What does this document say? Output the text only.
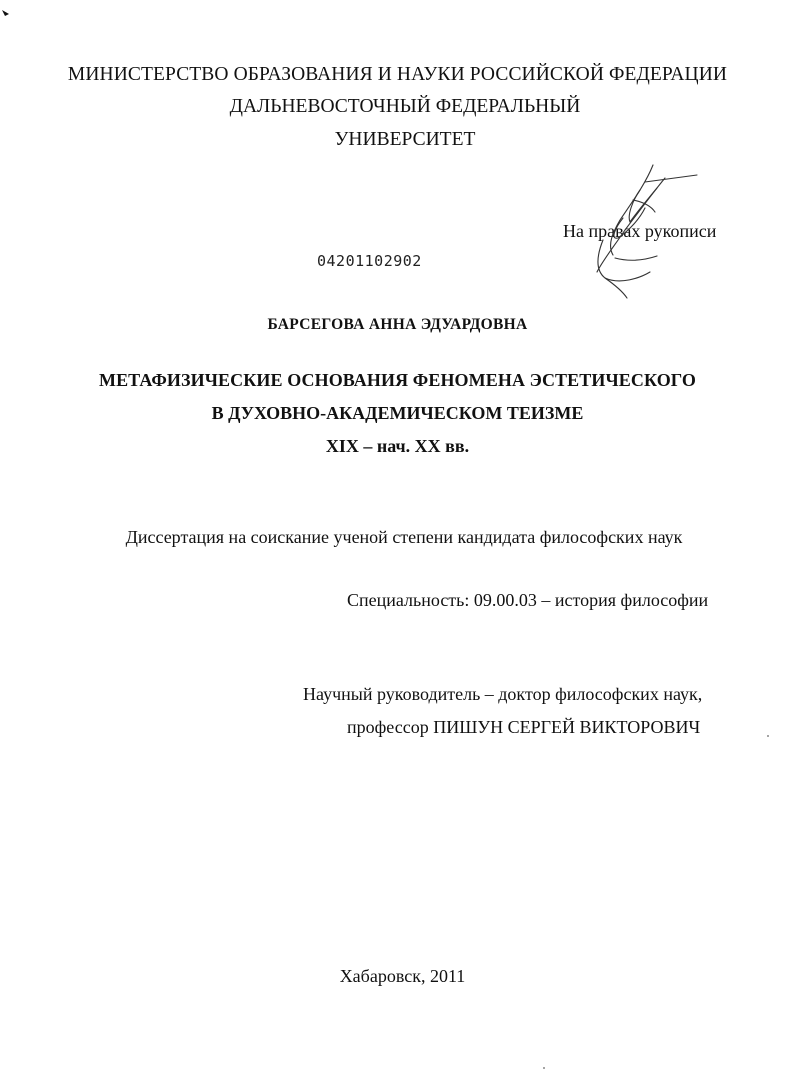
МИНИСТЕРСТВО ОБРАЗОВАНИЯ И НАУКИ РОССИЙСКОЙ ФЕДЕРАЦИИ
ДАЛЬНЕВОСТОЧНЫЙ ФЕДЕРАЛЬНЫЙ
УНИВЕРСИТЕТ
На правах рукописи
04201102902
БАРСЕГОВА АННА ЭДУАРДОВНА
МЕТАФИЗИЧЕСКИЕ ОСНОВАНИЯ ФЕНОМЕНА ЭСТЕТИЧЕСКОГО
В ДУХОВНО-АКАДЕМИЧЕСКОМ ТЕИЗМЕ
XIX – нач. XX вв.
Диссертация на соискание ученой степени кандидата философских наук
Специальность: 09.00.03 – история философии
Научный руководитель – доктор философских наук,
профессор ПИШУН СЕРГЕЙ ВИКТОРОВИЧ
Хабаровск, 2011
